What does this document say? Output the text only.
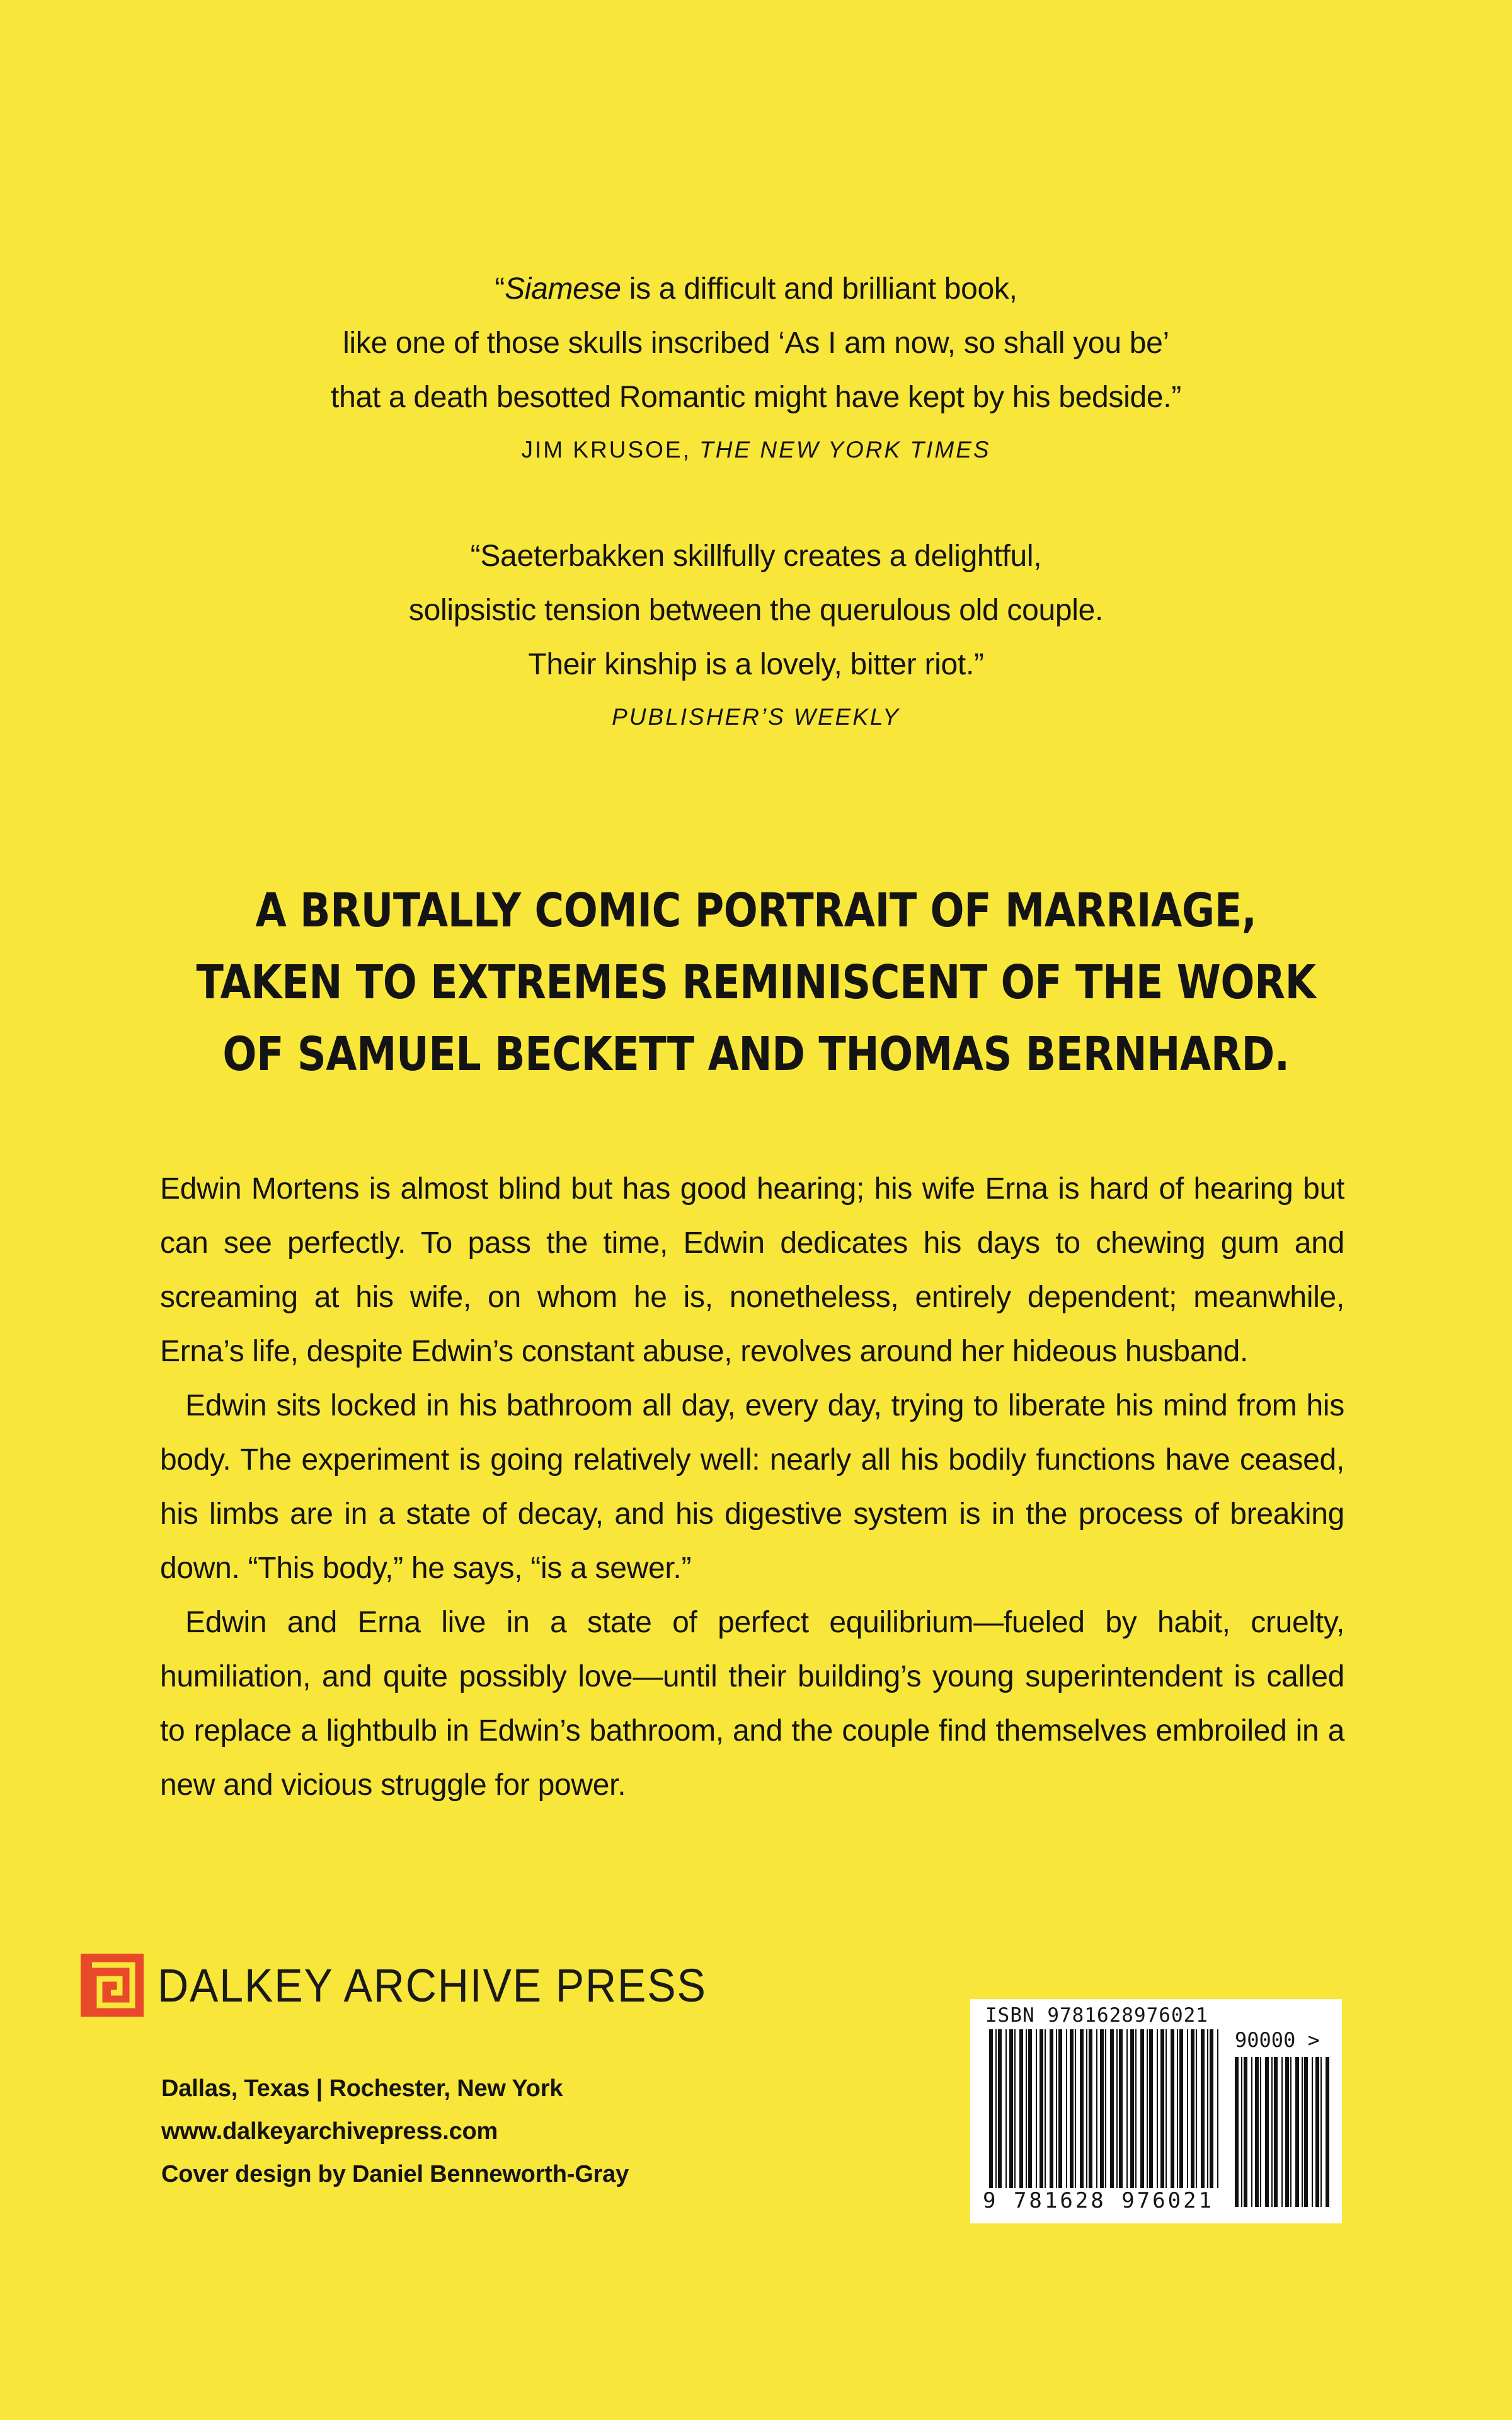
“Siamese is a difficult and brilliant book,
like one of those skulls inscribed ‘As I am now, so shall you be’
that a death besotted Romantic might have kept by his bedside.”
JIM KRUSOE, THE NEW YORK TIMES
“Saeterbakken skillfully creates a delightful,
solipsistic tension between the querulous old couple.
Their kinship is a lovely, bitter riot.”
PUBLISHER’S WEEKLY
A BRUTALLY COMIC PORTRAIT OF MARRIAGE,
TAKEN TO EXTREMES REMINISCENT OF THE WORK
OF SAMUEL BECKETT AND THOMAS BERNHARD.

Edwin Mortens is almost blind but has good hearing; his wife Erna is hard of hearing but can see perfectly. To pass the time, Edwin dedicates his days to chewing gum and screaming at his wife, on whom he is, nonetheless, entirely dependent; meanwhile, Erna’s life, despite Edwin’s constant abuse, revolves around her hideous husband.

Edwin sits locked in his bathroom all day, every day, trying to liberate his mind from his body. The experiment is going relatively well: nearly all his bodily functions have ceased, his limbs are in a state of decay, and his digestive system is in the process of breaking down. “This body,” he says, “is a sewer.”

Edwin and Erna live in a state of perfect equilibrium—fueled by habit, cruelty, humiliation, and quite possibly love—until their building’s young superintendent is called to replace a lightbulb in Edwin’s bathroom, and the couple find themselves embroiled in a new and vicious struggle for power.

DALKEY ARCHIVE PRESS
Dallas, Texas | Rochester, New York
www.dalkeyarchivepress.com
Cover design by Daniel Benneworth-Gray
ISBN 9781628976021
90000 >
9 781628 976021
